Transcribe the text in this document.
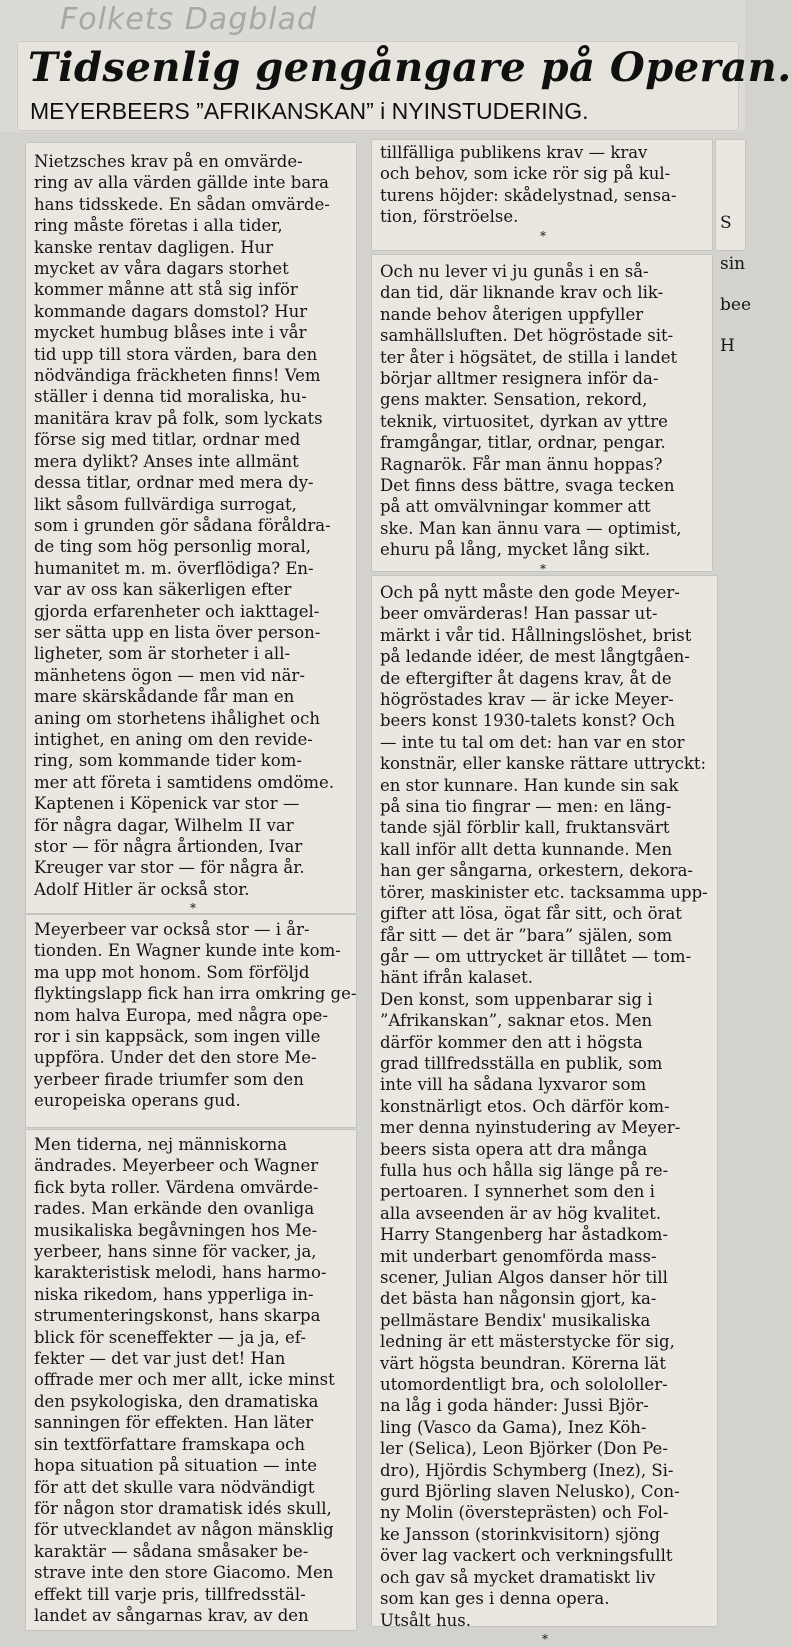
Folkets Dagblad
Tidsenlig gengångare på Operan.
MEYERBEERS ”AFRIKANSKAN” i NYINSTUDERING.

Nietzsches krav på en omvärde-

ring av alla värden gällde inte bara

hans tidsskede. En sådan omvärde-

ring måste företas i alla tider,

kanske rentav dagligen. Hur

mycket av våra dagars storhet

kommer månne att stå sig inför

kommande dagars domstol? Hur

mycket humbug blåses inte i vår

tid upp till stora värden, bara den

nödvändiga fräckheten finns! Vem

ställer i denna tid moraliska, hu-

manitära krav på folk, som lyckats

förse sig med titlar, ordnar med

mera dylikt? Anses inte allmänt

dessa titlar, ordnar med mera dy-

likt såsom fullvärdiga surrogat,

som i grunden gör sådana föråldra-

de ting som hög personlig moral,

humanitet m. m. överflödiga? En-

var av oss kan säkerligen efter

gjorda erfarenheter och iakttagel-

ser sätta upp en lista över person-

ligheter, som är storheter i all-

mänhetens ögon — men vid när-

mare skärskådande får man en

aning om storhetens ihålighet och

intighet, en aning om den revide-

ring, som kommande tider kom-

mer att företa i samtidens omdöme.

Kaptenen i Köpenick var stor —

för några dagar, Wilhelm II var

stor — för några årtionden, Ivar

Kreuger var stor — för några år.

Adolf Hitler är också stor.

*

Meyerbeer var också stor — i år-

tionden. En Wagner kunde inte kom-

ma upp mot honom. Som förföljd

flyktingslapp fick han irra omkring ge-

nom halva Europa, med några ope-

ror i sin kappsäck, som ingen ville

uppföra. Under det den store Me-

yerbeer firade triumfer som den

europeiska operans gud.

Men tiderna, nej människorna

ändrades. Meyerbeer och Wagner

fick byta roller. Värdena omvärde-

rades. Man erkände den ovanliga

musikaliska begåvningen hos Me-

yerbeer, hans sinne för vacker, ja,

karakteristisk melodi, hans harmo-

niska rikedom, hans ypperliga in-

strumenteringskonst, hans skarpa

blick för sceneffekter — ja ja, ef-

fekter — det var just det! Han

offrade mer och mer allt, icke minst

den psykologiska, den dramatiska

sanningen för effekten. Han läter

sin textförfattare framskapa och

hopa situation på situation — inte

för att det skulle vara nödvändigt

för någon stor dramatisk idés skull,

för utvecklandet av någon mänsklig

karaktär — sådana småsaker be-

strave inte den store Giacomo. Men

effekt till varje pris, tillfredsstäl-

landet av sångarnas krav, av den

tillfälliga publikens krav — krav

och behov, som icke rör sig på kul-

turens höjder: skådelystnad, sensa-

tion, förströelse.

*

Och nu lever vi ju gunås i en så-

dan tid, där liknande krav och lik-

nande behov återigen uppfyller

samhällsluften. Det högröstade sit-

ter åter i högsätet, de stilla i landet

börjar alltmer resignera inför da-

gens makter. Sensation, rekord,

teknik, virtuositet, dyrkan av yttre

framgångar, titlar, ordnar, pengar.

Ragnarök. Får man ännu hoppas?

Det finns dess bättre, svaga tecken

på att omvälvningar kommer att

ske. Man kan ännu vara — optimist,

ehuru på lång, mycket lång sikt.

*

Och på nytt måste den gode Meyer-

beer omvärderas! Han passar ut-

märkt i vår tid. Hållningslöshet, brist

på ledande idéer, de mest långtgåen-

de eftergifter åt dagens krav, åt de

högröstades krav — är icke Meyer-

beers konst 1930-talets konst? Och

— inte tu tal om det: han var en stor

konstnär, eller kanske rättare uttryckt:

en stor kunnare. Han kunde sin sak

på sina tio fingrar — men: en läng-

tande själ förblir kall, fruktansvärt

kall inför allt detta kunnande. Men

han ger sångarna, orkestern, dekora-

törer, maskinister etc. tacksamma upp-

gifter att lösa, ögat får sitt, och örat

får sitt — det är ”bara” själen, som

går — om uttrycket är tillåtet — tom-

hänt ifrån kalaset.

Den konst, som uppenbarar sig i

”Afrikanskan”, saknar etos. Men

därför kommer den att i högsta

grad tillfredsställa en publik, som

inte vill ha sådana lyxvaror som

konstnärligt etos. Och därför kom-

mer denna nyinstudering av Meyer-

beers sista opera att dra många

fulla hus och hålla sig länge på re-

pertoaren. I synnerhet som den i

alla avseenden är av hög kvalitet.

Harry Stangenberg har åstadkom-

mit underbart genomförda mass-

scener, Julian Algos danser hör till

det bästa han någonsin gjort, ka-

pellmästare Bendix' musikaliska

ledning är ett mästerstycke för sig,

värt högsta beundran. Körerna lät

utomordentligt bra, och solololler-

na låg i goda händer: Jussi Björ-

ling (Vasco da Gama), Inez Köh-

ler (Selica), Leon Björker (Don Pe-

dro), Hjördis Schymberg (Inez), Si-

gurd Björling slaven Nelusko), Con-

ny Molin (överstepr​ästen) och Fol-

ke Jansson (storinkvisitorn) sjöng

över lag vackert och verkningsfullt

och gav så mycket dramatiskt liv

som kan ges i denna opera.

Utsålt hus.

*

S

sin

bee

H
